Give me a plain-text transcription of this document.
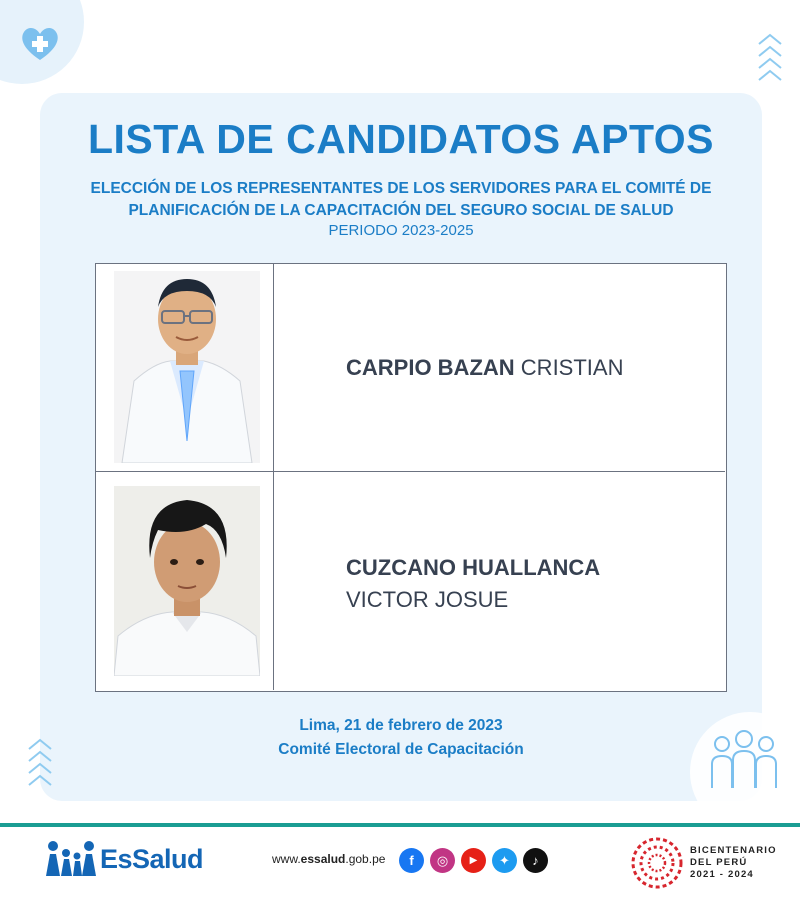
LISTA DE CANDIDATOS APTOS
ELECCIÓN DE LOS REPRESENTANTES DE LOS SERVIDORES PARA EL COMITÉ DE
PLANIFICACIÓN DE LA CAPACITACIÓN DEL SEGURO SOCIAL DE SALUD
PERIODO 2023-2025
CARPIO BAZAN CRISTIAN
CUZCANO HUALLANCA
VICTOR JOSUE
Lima, 21 de febrero de 2023
Comité Electoral de Capacitación
EsSalud	www.essalud.gob.pe	f	◎	▶	✦	♪
BICENTENARIO
DEL PERÚ
2021 - 2024
